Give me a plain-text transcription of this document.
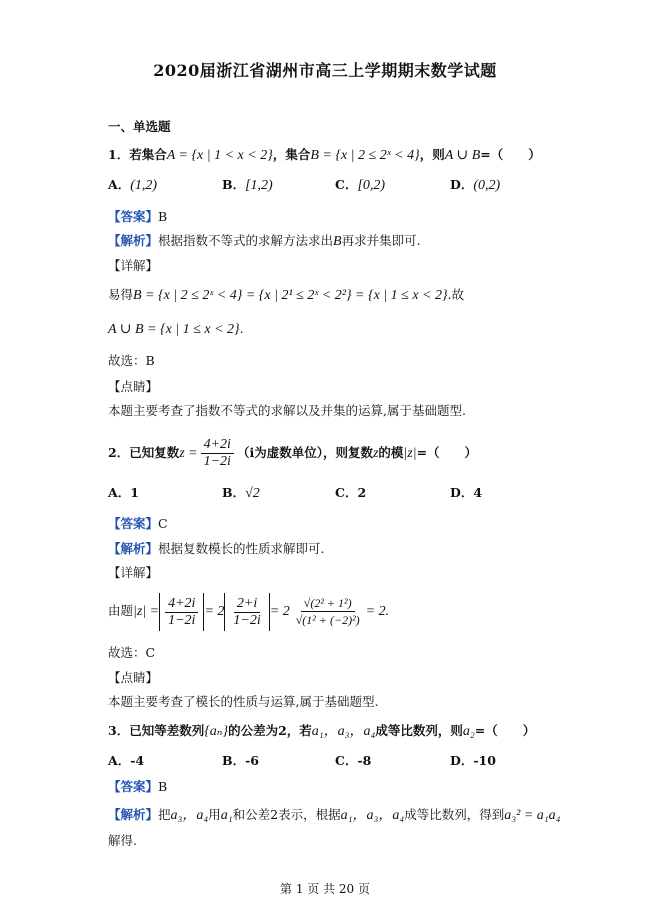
2020届浙江省湖州市高三上学期期末数学试题
一、单选题
1．若集合A = {x | 1 < x < 2}，集合B = {x | 2 ≤ 2ˣ < 4}，则A ∪ B=（　　）
A．(1,2)	B．[1,2)	C．[0,2)	D．(0,2)
【答案】B
【解析】根据指数不等式的求解方法求出B再求并集即可.
【详解】
易得B = {x | 2 ≤ 2ˣ < 4} = {x | 2¹ ≤ 2ˣ < 2²} = {x | 1 ≤ x < 2}.故
A ∪ B = {x | 1 ≤ x < 2}.
故选：B
【点睛】
本题主要考查了指数不等式的求解以及并集的运算,属于基础题型.
2．已知复数$z = \frac{4+2i}{1-2i} (i$为虚数单位），则复数z的模|z|=（　　）
A．1	B．√2	C．2	D．4
【答案】C
【解析】根据复数模长的性质求解即可.
【详解】
由题$|z| = \frac{4+2i}{1-2i} = 2 \frac{2+i}{1-2i} = 2 \frac{\text{√(2² + 1²)}}{\text{√(1² + (−2)²)}} = 2$.
故选：C
【点睛】
本题主要考查了模长的性质与运算,属于基础题型.
3．已知等差数列{aₙ}的公差为2，若a₁，a₃，a₄成等比数列，则a₂=（　　）
A．-4	B．-6	C．-8	D．-10
【答案】B
【解析】把a₃，a₄用a₁和公差2表示，根据a₁，a₃，a₄成等比数列，得到a₃² = a₁a₄
解得.
第 1 页 共 20 页
